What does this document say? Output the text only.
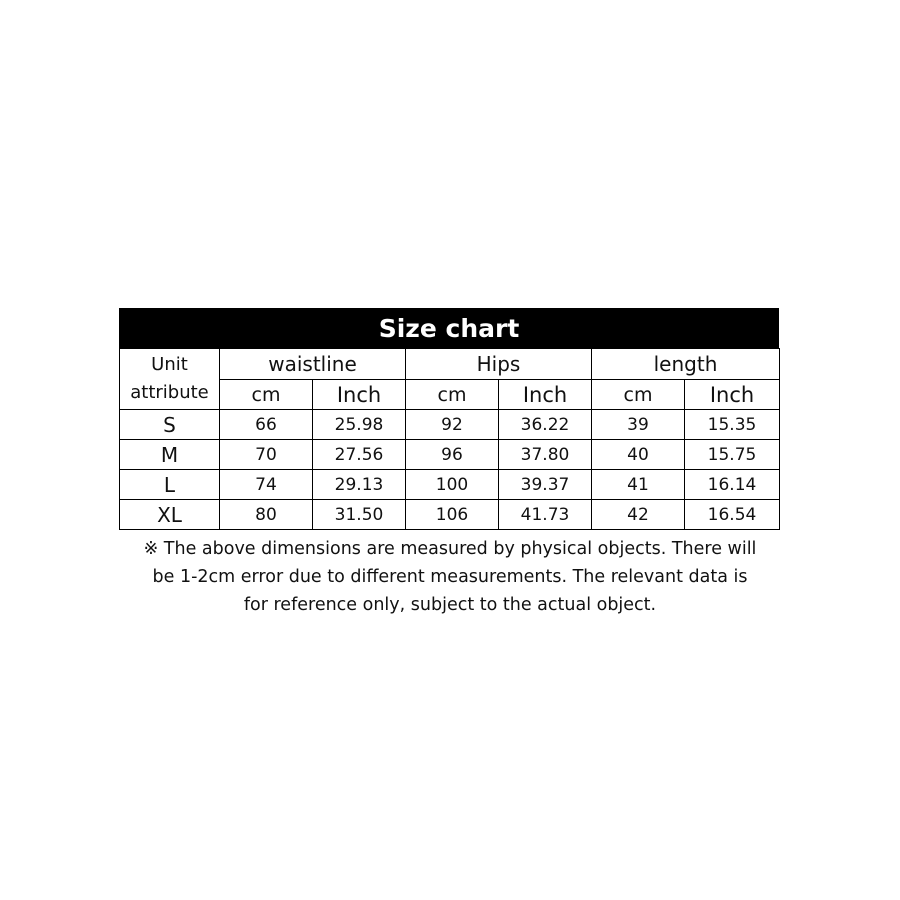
Size chart
Unit
attribute	waistline		Hips		length	
	cm	Inch	cm	Inch	cm	Inch
S	66	25.98	92	36.22	39	15.35
M	70	27.56	96	37.80	40	15.75
L	74	29.13	100	39.37	41	16.14
XL	80	31.50	106	41.73	42	16.54
※ The above dimensions are measured by physical objects. There will
be 1-2cm error due to different measurements. The relevant data is
for reference only, subject to the actual object.
